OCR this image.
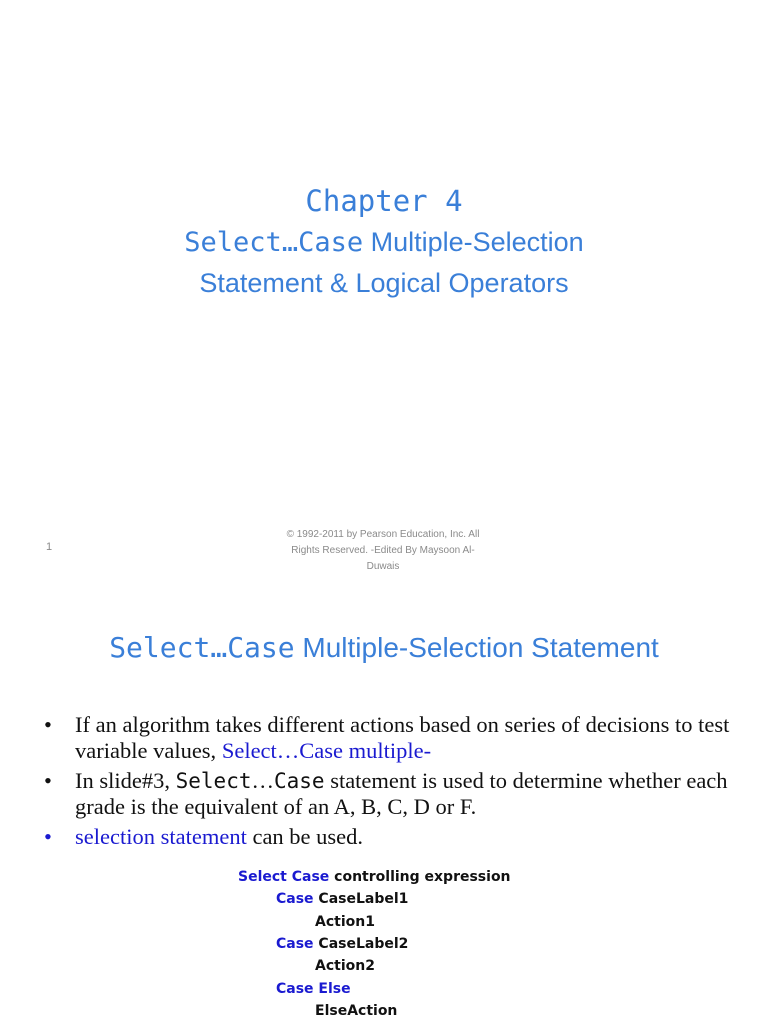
Chapter 4
Select…Case Multiple-Selection
Statement & Logical Operators
1
© 1992-2011 by Pearson Education, Inc. All
Rights Reserved. -Edited By Maysoon Al-
Duwais
Select…Case Multiple-Selection Statement
• If an algorithm takes different actions based on series of decisions to test variable values, Select…Case multiple-
• In slide#3, Select…Case statement is used to determine whether each grade is the equivalent of an A, B, C, D or F.
• selection statement can be used.
Select Case controlling expression
Case CaseLabel1
Action1
Case CaseLabel2
Action2
Case Else
ElseAction
